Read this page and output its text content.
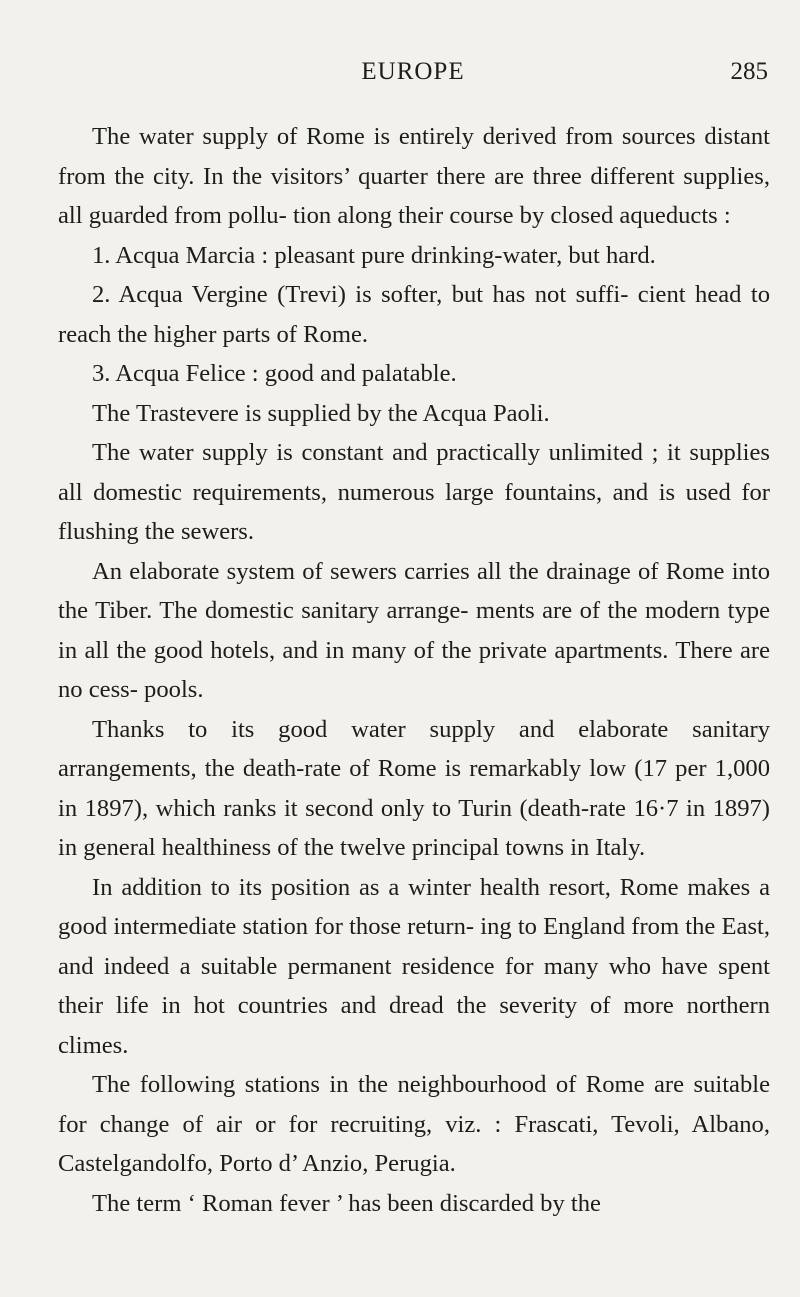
EUROPE	285

The water supply of Rome is entirely derived from sources distant from the city. In the visitors’ quarter there are three different supplies, all guarded from pollu- tion along their course by closed aqueducts :

1. Acqua Marcia : pleasant pure drinking-water, but hard.

2. Acqua Vergine (Trevi) is softer, but has not suffi- cient head to reach the higher parts of Rome.

3. Acqua Felice : good and palatable.

The Trastevere is supplied by the Acqua Paoli.

The water supply is constant and practically unlimited ; it supplies all domestic requirements, numerous large fountains, and is used for flushing the sewers.

An elaborate system of sewers carries all the drainage of Rome into the Tiber. The domestic sanitary arrange- ments are of the modern type in all the good hotels, and in many of the private apartments. There are no cess- pools.

Thanks to its good water supply and elaborate sanitary arrangements, the death-rate of Rome is remarkably low (17 per 1,000 in 1897), which ranks it second only to Turin (death-rate 16·7 in 1897) in general healthiness of the twelve principal towns in Italy.

In addition to its position as a winter health resort, Rome makes a good intermediate station for those return- ing to England from the East, and indeed a suitable permanent residence for many who have spent their life in hot countries and dread the severity of more northern climes.

The following stations in the neighbourhood of Rome are suitable for change of air or for recruiting, viz. : Frascati, Tevoli, Albano, Castelgandolfo, Porto d’ Anzio, Perugia.

The term ‘ Roman fever ’ has been discarded by the
